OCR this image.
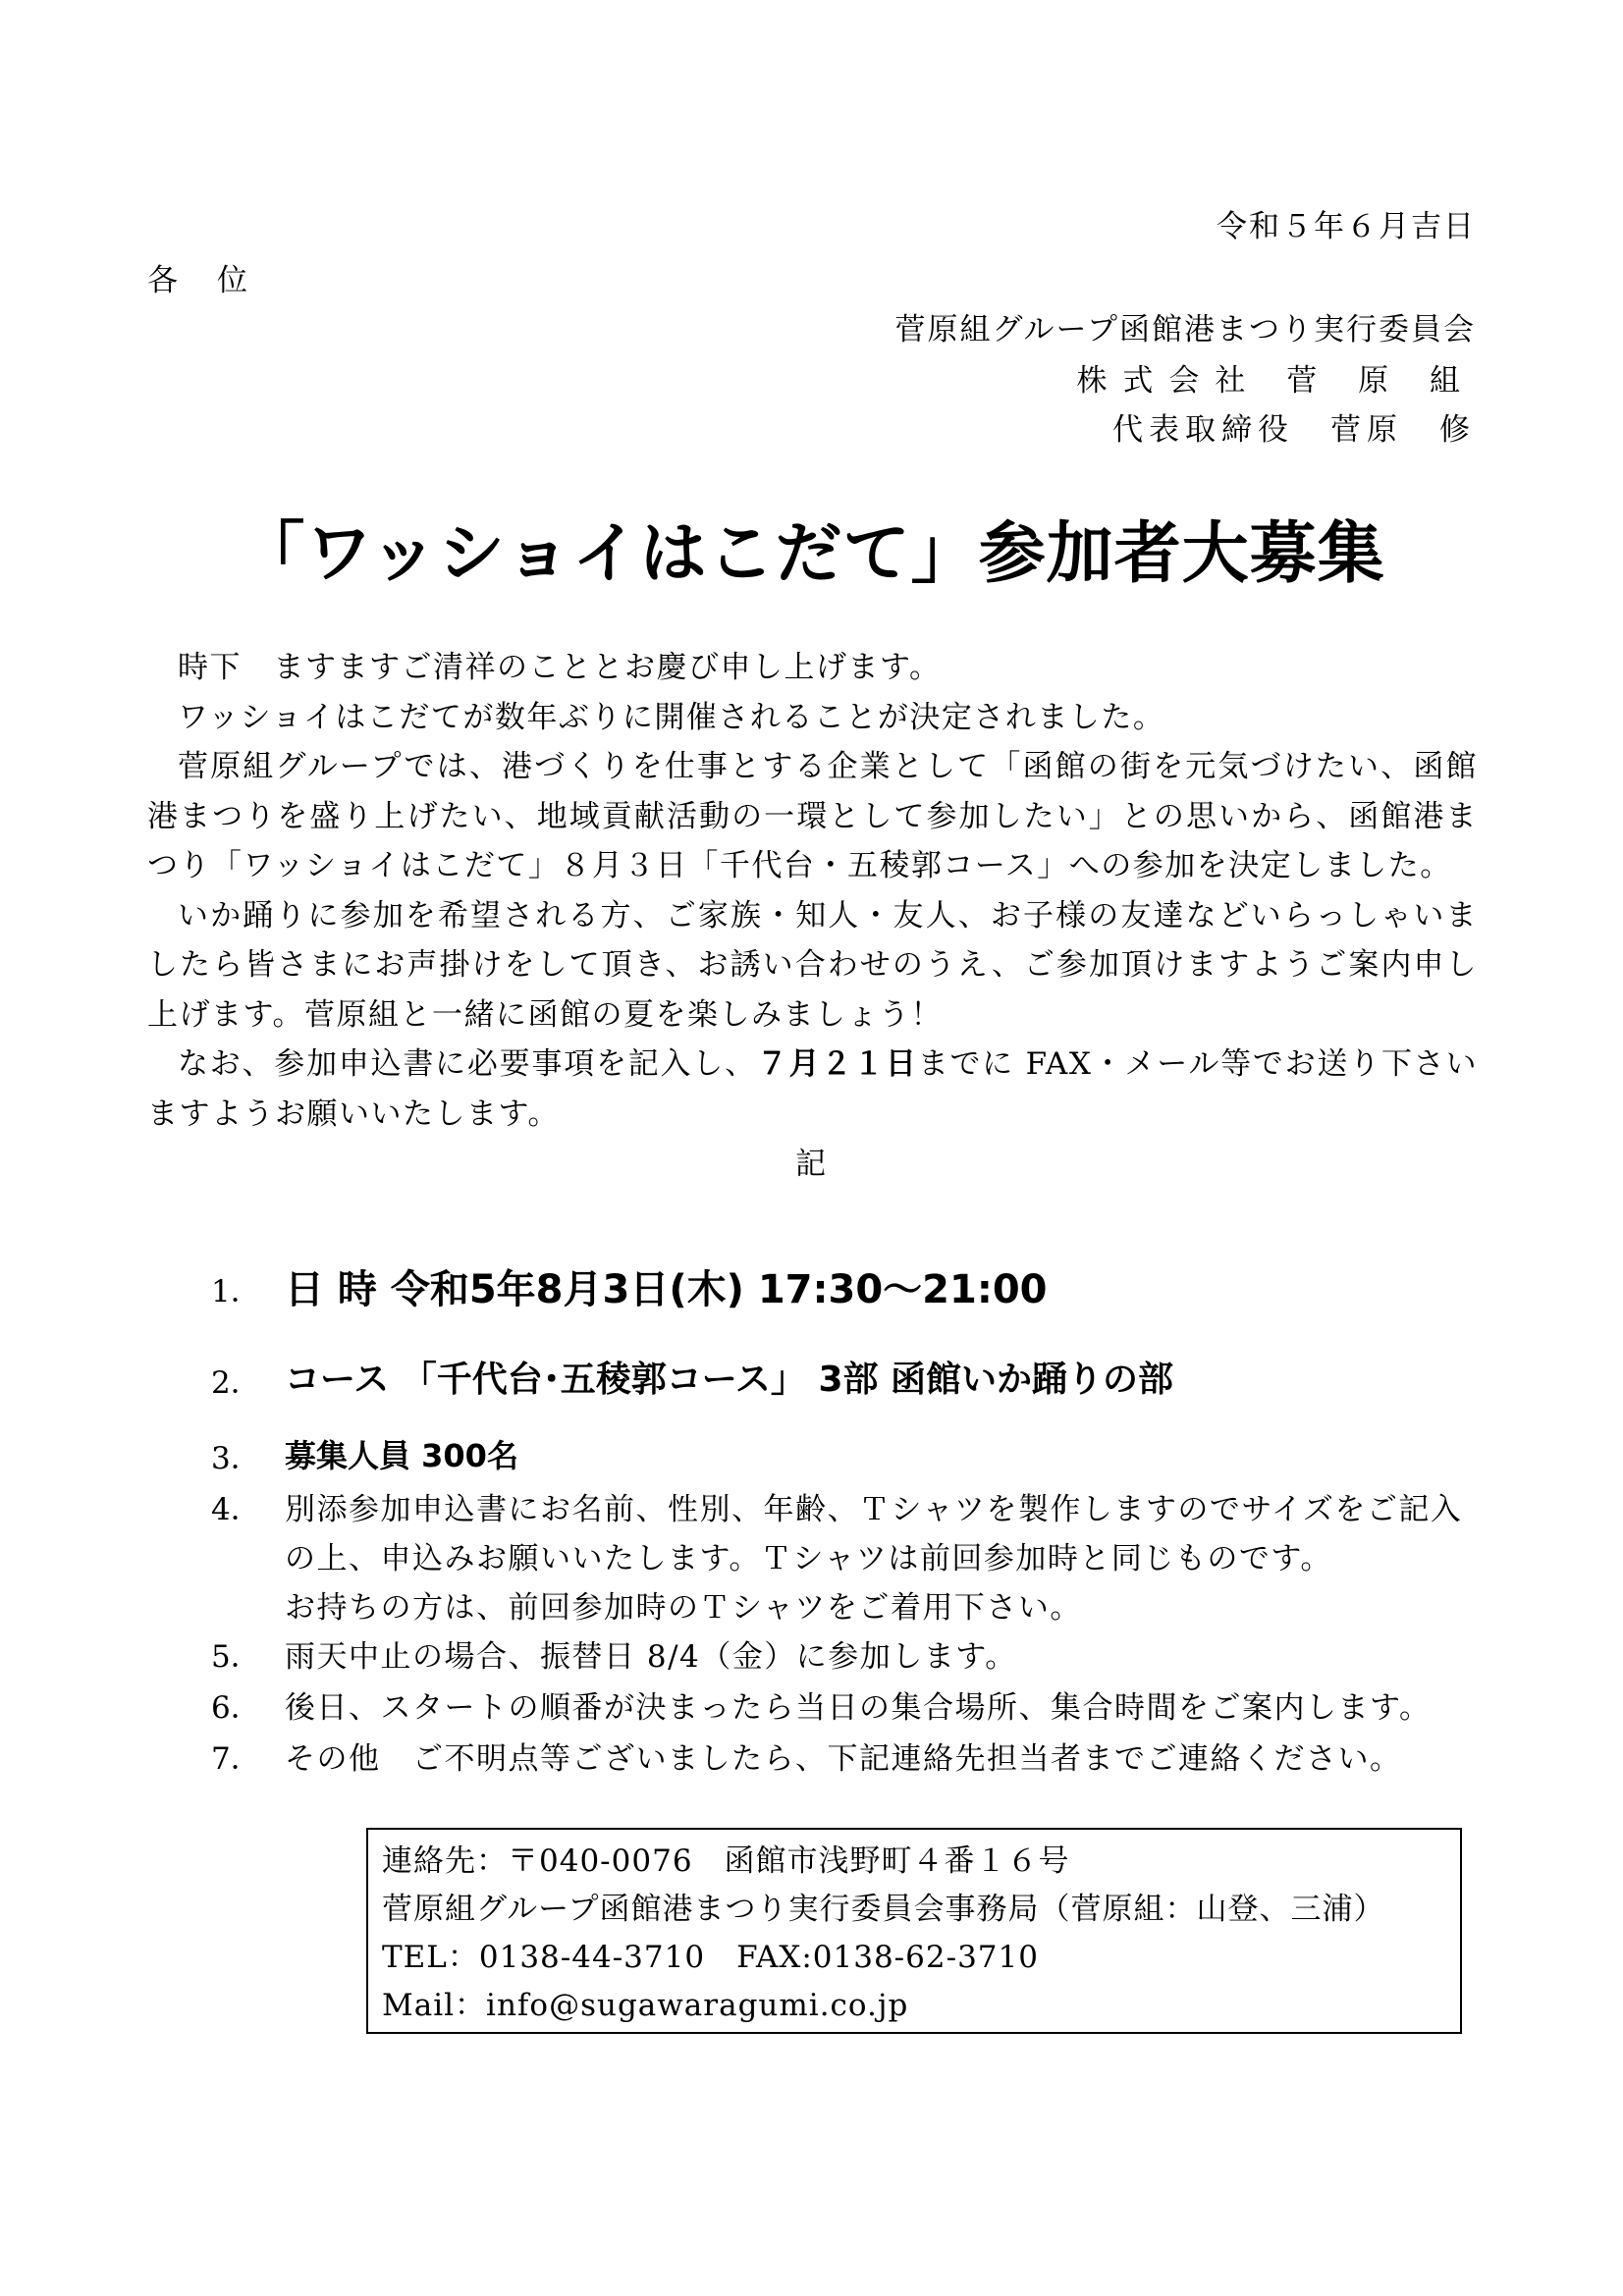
令和５年６月吉日
各位
菅原組グループ函館港まつり実行委員会
株式会社 菅 原 組
代表取締役　菅原　修
「ワッショイはこだて」参加者大募集

時下　ますますご清祥のこととお慶び申し上げます。

ワッショイはこだてが数年ぶりに開催されることが決定されました。

菅原組グループでは、港づくりを仕事とする企業として「函館の街を元気づけたい、函館港まつりを盛り上げたい、地域貢献活動の一環として参加したい」との思いから、函館港まつり「ワッショイはこだて」８月３日「千代台・五稜郭コース」への参加を決定しました。

いか踊りに参加を希望される方、ご家族・知人・友人、お子様の友達などいらっしゃいましたら皆さまにお声掛けをして頂き、お誘い合わせのうえ、ご参加頂けますようご案内申し上げます。菅原組と一緒に函館の夏を楽しみましょう！

なお、参加申込書に必要事項を記入し、７月２１日までに FAX・メール等でお送り下さいますようお願いいたします。

記
1． 日 時 令和5年8月3日(木) 17:30～21:00
2． コース 「千代台･五稜郭コース」 3部 函館いか踊りの部
3． 募集人員 300名
4． 別添参加申込書にお名前、性別、年齢、Ｔシャツを製作しますのでサイズをご記入
の上、申込みお願いいたします。Ｔシャツは前回参加時と同じものです。
お持ちの方は、前回参加時のＴシャツをご着用下さい。
5． 雨天中止の場合、振替日 8/4（金）に参加します。
6． 後日、スタートの順番が決まったら当日の集合場所、集合時間をご案内します。
7． その他　ご不明点等ございましたら、下記連絡先担当者までご連絡ください。
連絡先：〒040-0076　函館市浅野町４番１６号
菅原組グループ函館港まつり実行委員会事務局（菅原組：山登、三浦）
TEL：0138-44-3710　FAX:0138-62-3710
Mail：info@sugawaragumi.co.jp
